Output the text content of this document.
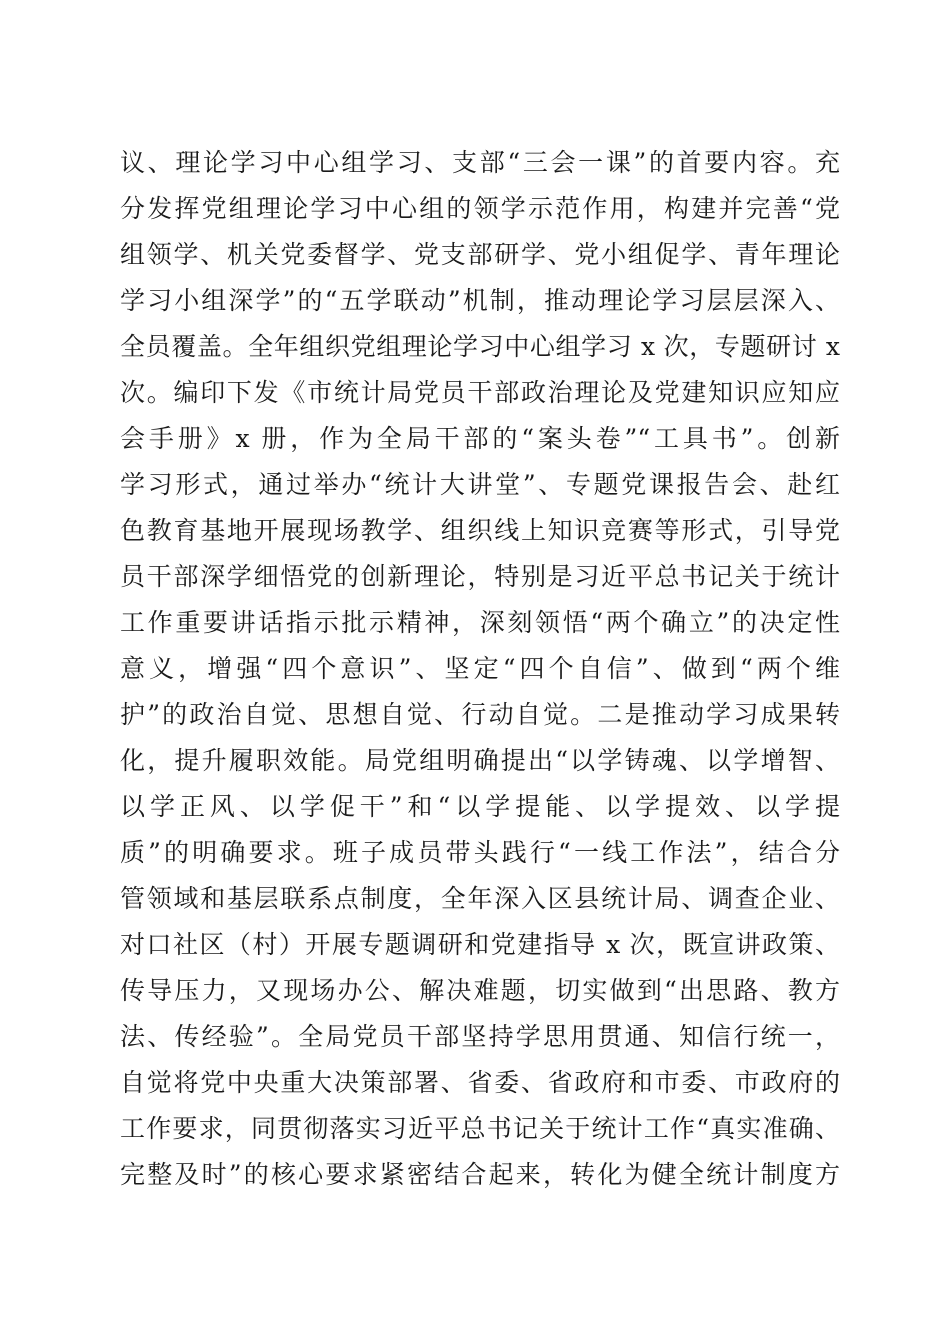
议、理论学习中心组学习、支部“三会一课”的首要内容。充
分发挥党组理论学习中心组的领学示范作用，构建并完善“党
组领学、机关党委督学、党支部研学、党小组促学、青年理论
学习小组深学”的“五学联动”机制，推动理论学习层层深入、
全员覆盖。全年组织党组理论学习中心组学习 x 次，专题研讨 x
次。编印下发《市统计局党员干部政治理论及党建知识应知应
会手册》x 册，作为全局干部的“案头卷”“工具书”。创新
学习形式，通过举办“统计大讲堂”、专题党课报告会、赴红
色教育基地开展现场教学、组织线上知识竞赛等形式，引导党
员干部深学细悟党的创新理论，特别是习近平总书记关于统计
工作重要讲话指示批示精神，深刻领悟“两个确立”的决定性
意义，增强“四个意识”、坚定“四个自信”、做到“两个维
护”的政治自觉、思想自觉、行动自觉。二是推动学习成果转
化，提升履职效能。局党组明确提出“以学铸魂、以学增智、
以学正风、以学促干”和“以学提能、以学提效、以学提
质”的明确要求。班子成员带头践行“一线工作法”，结合分
管领域和基层联系点制度，全年深入区县统计局、调查企业、
对口社区（村）开展专题调研和党建指导 x 次，既宣讲政策、
传导压力，又现场办公、解决难题，切实做到“出思路、教方
法、传经验”。全局党员干部坚持学思用贯通、知信行统一，
自觉将党中央重大决策部署、省委、省政府和市委、市政府的
工作要求，同贯彻落实习近平总书记关于统计工作“真实准确、
完整及时”的核心要求紧密结合起来，转化为健全统计制度方
